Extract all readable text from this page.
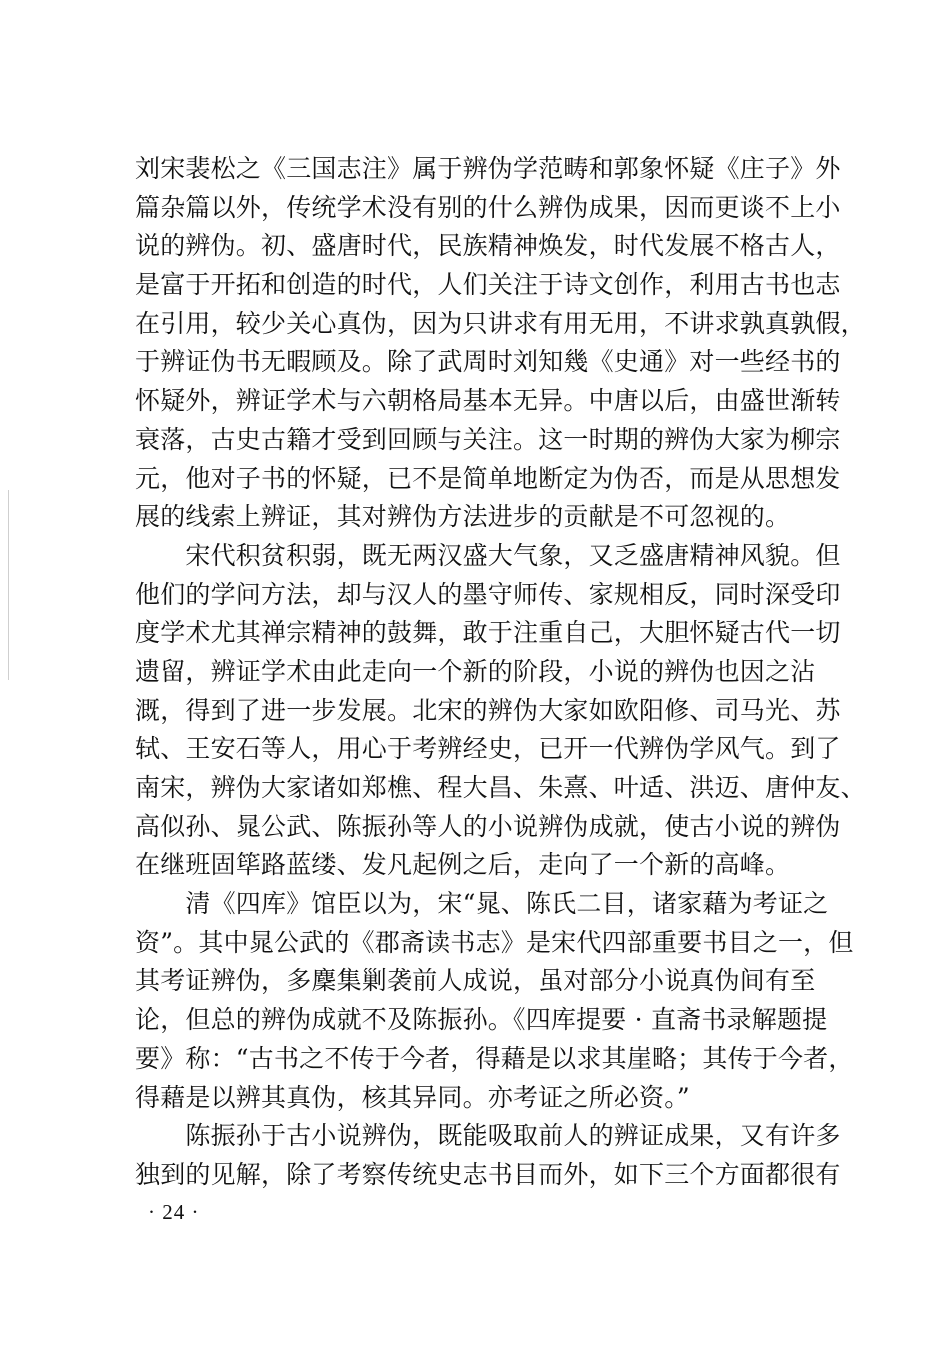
刘宋裴松之《三国志注》属于辨伪学范畴和郭象怀疑《庄子》外
篇杂篇以外，传统学术没有别的什么辨伪成果，因而更谈不上小
说的辨伪。初、盛唐时代，民族精神焕发，时代发展不格古人，
是富于开拓和创造的时代，人们关注于诗文创作，利用古书也志
在引用，较少关心真伪，因为只讲求有用无用，不讲求孰真孰假，
于辨证伪书无暇顾及。除了武周时刘知幾《史通》对一些经书的
怀疑外，辨证学术与六朝格局基本无异。中唐以后，由盛世渐转
衰落，古史古籍才受到回顾与关注。这一时期的辨伪大家为柳宗
元，他对子书的怀疑，已不是简单地断定为伪否，而是从思想发
展的线索上辨证，其对辨伪方法进步的贡献是不可忽视的。
　　宋代积贫积弱，既无两汉盛大气象，又乏盛唐精神风貌。但
他们的学问方法，却与汉人的墨守师传、家规相反，同时深受印
度学术尤其禅宗精神的鼓舞，敢于注重自己，大胆怀疑古代一切
遗留，辨证学术由此走向一个新的阶段，小说的辨伪也因之沾
溉，得到了进一步发展。北宋的辨伪大家如欧阳修、司马光、苏
轼、王安石等人，用心于考辨经史，已开一代辨伪学风气。到了
南宋，辨伪大家诸如郑樵、程大昌、朱熹、叶适、洪迈、唐仲友、
高似孙、晁公武、陈振孙等人的小说辨伪成就，使古小说的辨伪
在继班固筚路蓝缕、发凡起例之后，走向了一个新的高峰。
　　清《四库》馆臣以为，宋“晁、陈氏二目，诸家藉为考证之
资”。其中晁公武的《郡斋读书志》是宋代四部重要书目之一，但
其考证辨伪，多麇集剿袭前人成说，虽对部分小说真伪间有至
论，但总的辨伪成就不及陈振孙。《四库提要 · 直斋书录解题提
要》称：“古书之不传于今者，得藉是以求其崖略；其传于今者，
得藉是以辨其真伪，核其异同。亦考证之所必资。”
　　陈振孙于古小说辨伪，既能吸取前人的辨证成果，又有许多
独到的见解，除了考察传统史志书目而外，如下三个方面都很有
· 24 ·
